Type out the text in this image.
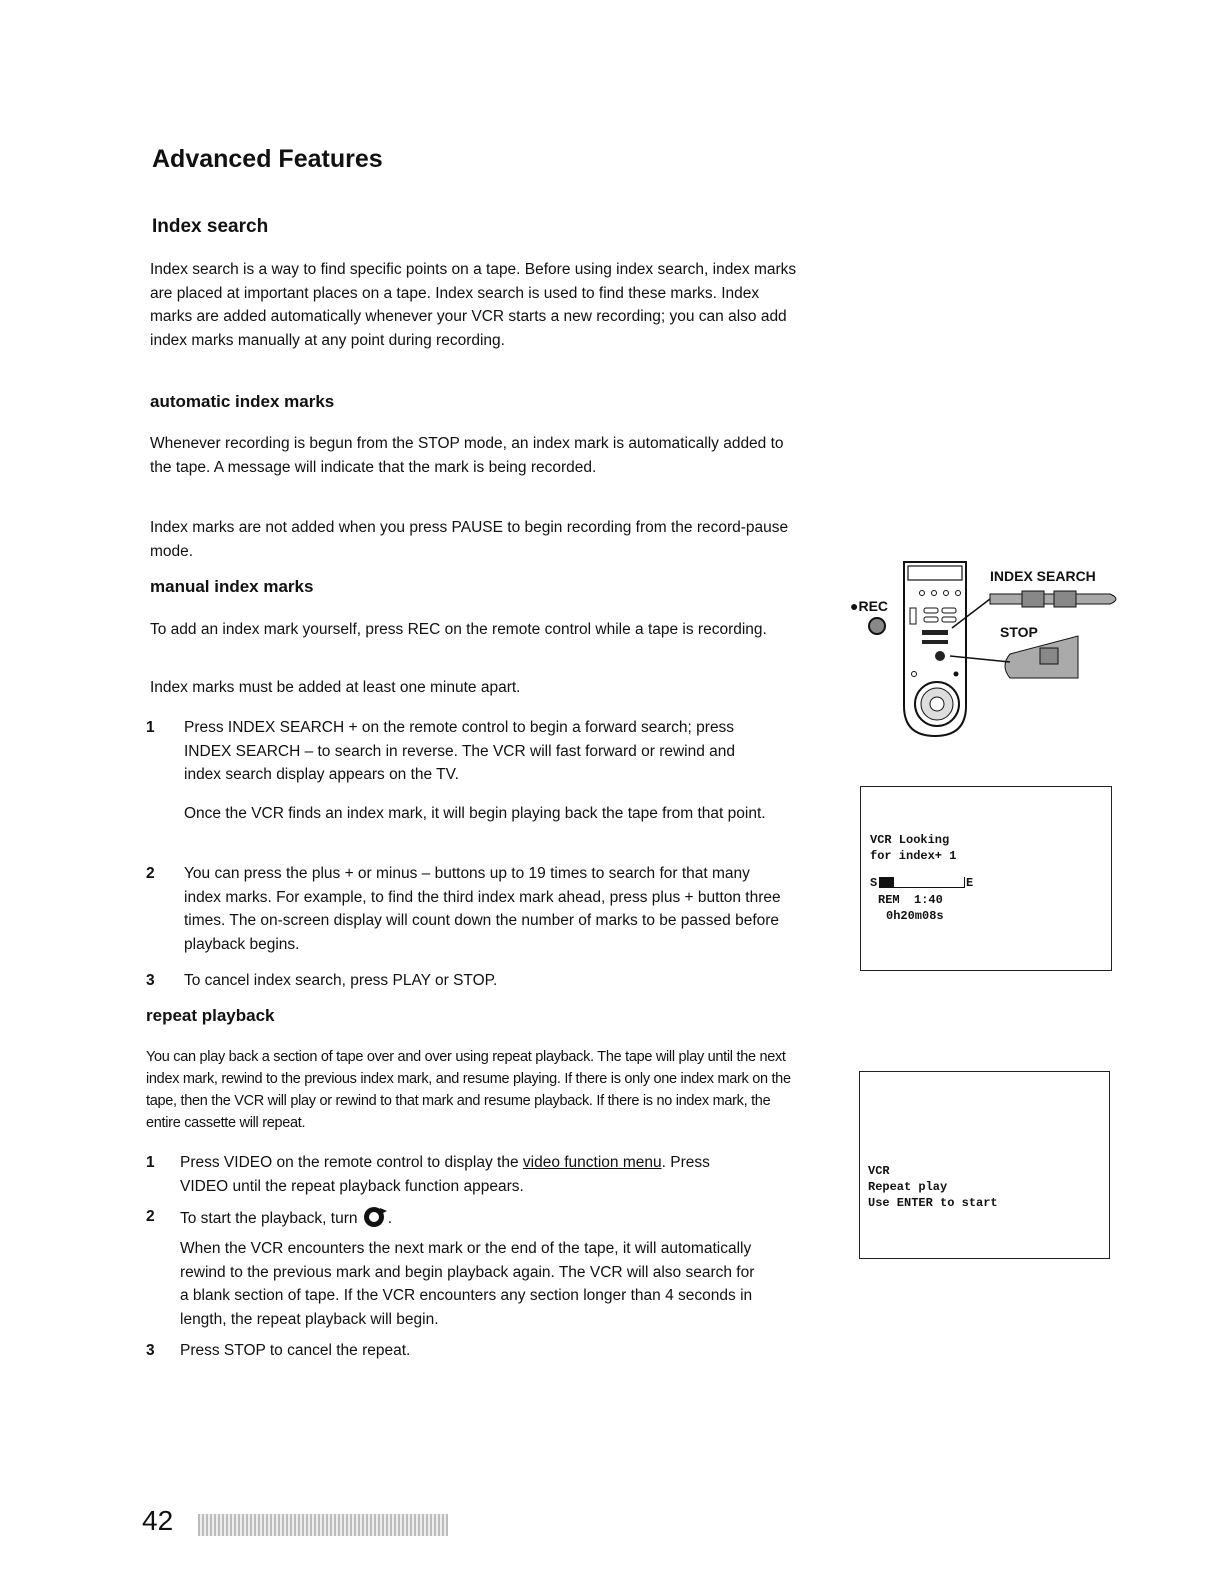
Advanced Features
Index search
Index search is a way to find specific points on a tape. Before using index search, index marks are placed at important places on a tape. Index search is used to find these marks. Index marks are added automatically whenever your VCR starts a new recording; you can also add index marks manually at any point during recording.
automatic index marks
Whenever recording is begun from the STOP mode, an index mark is automatically added to the tape. A message will indicate that the mark is being recorded.
Index marks are not added when you press PAUSE to begin recording from the record-pause mode.
manual index marks
To add an index mark yourself, press REC on the remote control while a tape is recording.
Index marks must be added at least one minute apart.
1 Press INDEX SEARCH + on the remote control to begin a forward search; press INDEX SEARCH – to search in reverse. The VCR will fast forward or rewind and index search display appears on the TV.
Once the VCR finds an index mark, it will begin playing back the tape from that point.
2 You can press the plus + or minus – buttons up to 19 times to search for that many index marks. For example, to find the third index mark ahead, press plus + button three times. The on-screen display will count down the number of marks to be passed before playback begins.
3 To cancel index search, press PLAY or STOP.
repeat playback
You can play back a section of tape over and over using repeat playback. The tape will play until the next index mark, rewind to the previous index mark, and resume playing. If there is only one index mark on the tape, then the VCR will play or rewind to that mark and resume playback. If there is no index mark, the entire cassette will repeat.
1 Press VIDEO on the remote control to display the video function menu. Press VIDEO until the repeat playback function appears.
2 To start the playback, turn .
When the VCR encounters the next mark or the end of the tape, it will automatically rewind to the previous mark and begin playback again. The VCR will also search for a blank section of tape. If the VCR encounters any section longer than 4 seconds in length, the repeat playback will begin.
3 Press STOP to cancel the repeat.
●REC
INDEX SEARCH
STOP
VCR Looking
for index+ 1
S	E
REM  1:40
0h20m08s
VCR
Repeat play
Use ENTER to start
42
